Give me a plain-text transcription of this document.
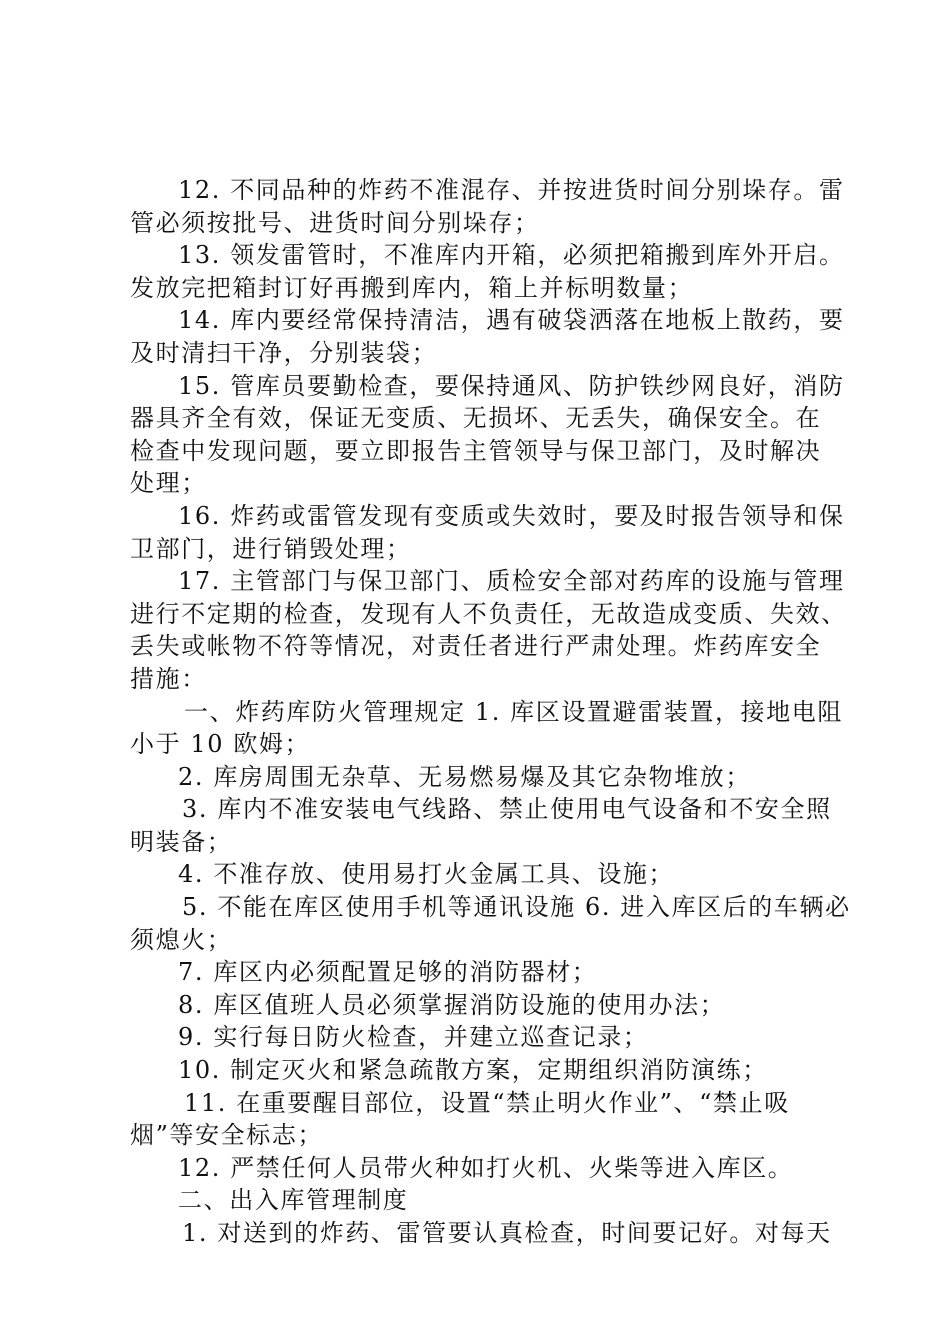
12. 不同品种的炸药不准混存、并按进货时间分别垛存。雷
管必须按批号、进货时间分别垛存；
13. 领发雷管时，不准库内开箱，必须把箱搬到库外开启。
发放完把箱封订好再搬到库内，箱上并标明数量；
14. 库内要经常保持清洁，遇有破袋洒落在地板上散药，要
及时清扫干净，分别装袋；
15. 管库员要勤检查，要保持通风、防护铁纱网良好，消防
器具齐全有效，保证无变质、无损坏、无丢失，确保安全。在
检查中发现问题，要立即报告主管领导与保卫部门，及时解决
处理；
16. 炸药或雷管发现有变质或失效时，要及时报告领导和保
卫部门，进行销毁处理；
17. 主管部门与保卫部门、质检安全部对药库的设施与管理
进行不定期的检查，发现有人不负责任，无故造成变质、失效、
丢失或帐物不符等情况，对责任者进行严肃处理。炸药库安全
措施：
一、炸药库防火管理规定 1. 库区设置避雷装置，接地电阻
小于 10 欧姆；
2. 库房周围无杂草、无易燃易爆及其它杂物堆放；
3. 库内不准安装电气线路、禁止使用电气设备和不安全照
明装备；
4. 不准存放、使用易打火金属工具、设施；
5. 不能在库区使用手机等通讯设施 6. 进入库区后的车辆必
须熄火；
7. 库区内必须配置足够的消防器材；
8. 库区值班人员必须掌握消防设施的使用办法；
9. 实行每日防火检查，并建立巡查记录；
10. 制定灭火和紧急疏散方案，定期组织消防演练；
11. 在重要醒目部位，设置“禁止明火作业”、“禁止吸
烟”等安全标志；
12. 严禁任何人员带火种如打火机、火柴等进入库区。
二、出入库管理制度
1. 对送到的炸药、雷管要认真检查，时间要记好。对每天
